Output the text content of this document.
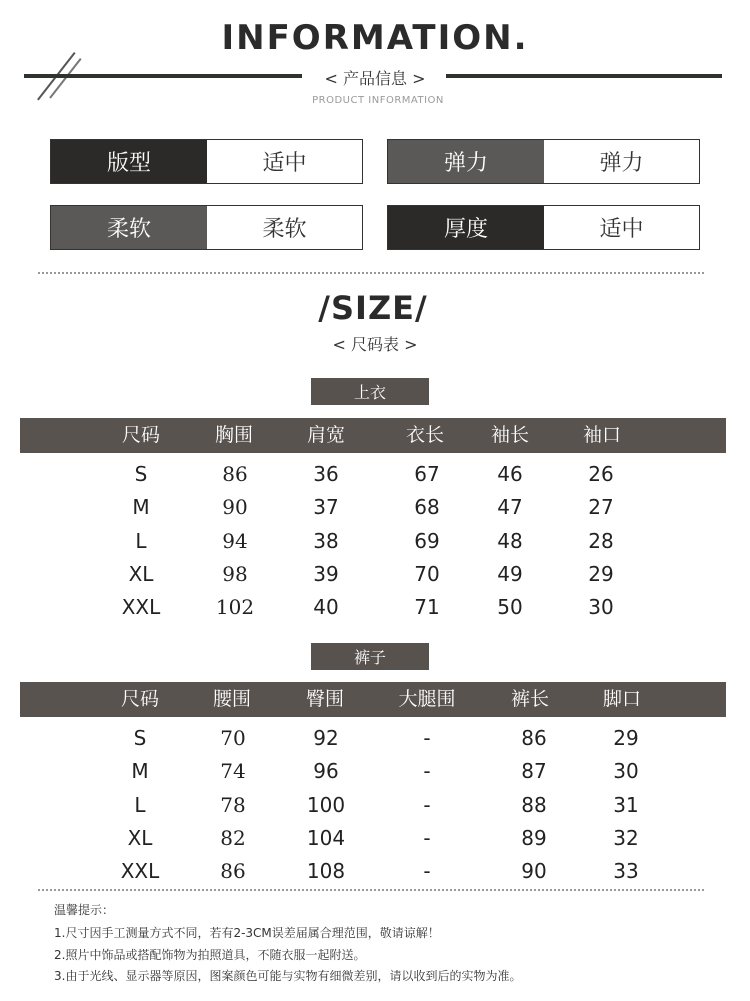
INFORMATION.
< 产品信息 >
PRODUCT INFORMATION
版型	适中	弹力	弹力
柔软	柔软	厚度	适中
/SIZE/
< 尺码表 >
上衣
尺码	胸围	肩宽	衣长 袖长	袖口
S	86	36	67	46	26
M	90	37	68	47	27
L	94	38	69	48	28
XL	98	39	70	49	29
XXL	102	40	71	50	30
裤子
尺码	腰围	臀围	大腿围	裤长	脚口
S	70	92	-	86	29
M	74	96	-	87	30
L	78	100	-	88	31
XL	82	104	-	89	32
XXL	86	108	-	90	33
温馨提示：
1.尺寸因手工测量方式不同，若有2-3CM误差届属合理范围，敬请谅解！
2.照片中饰品或搭配饰物为拍照道具，不随衣服一起附送。
3.由于光线、显示器等原因，图案颜色可能与实物有细微差别，请以收到后的实物为准。
